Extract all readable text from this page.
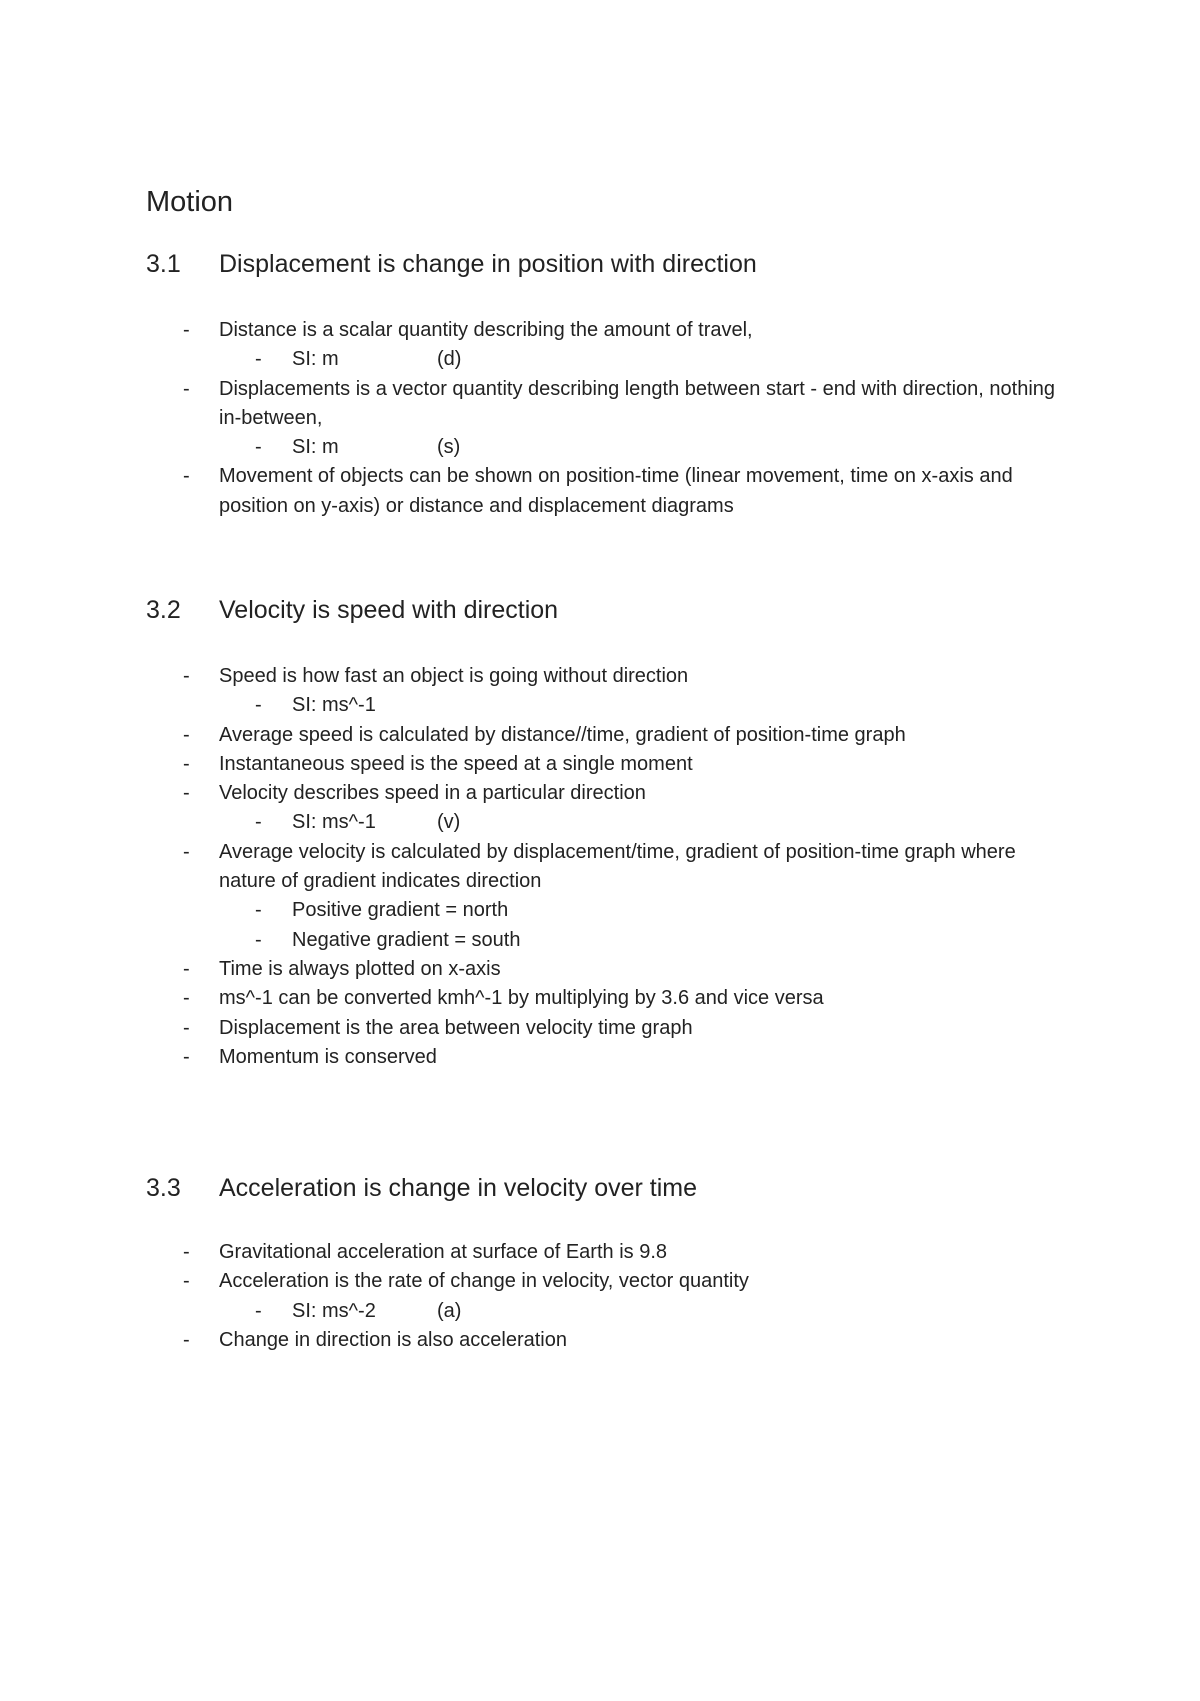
Motion
3.1	Displacement is change in position with direction
- Distance is a scalar quantity describing the amount of travel,
- SI: m	(d)
- Displacements is a vector quantity describing length between start - end with direction, nothing in-between,
- SI: m	(s)
- Movement of objects can be shown on position-time (linear movement, time on x-axis and position on y-axis) or distance and displacement diagrams
3.2	Velocity is speed with direction
- Speed is how fast an object is going without direction
- SI: ms^-1
- Average speed is calculated by distance//time, gradient of position-time graph
- Instantaneous speed is the speed at a single moment
- Velocity describes speed in a particular direction
- SI: ms^-1	(v)
- Average velocity is calculated by displacement/time, gradient of position-time graph where nature of gradient indicates direction
- Positive gradient = north
- Negative gradient = south
- Time is always plotted on x-axis
- ms^-1 can be converted kmh^-1 by multiplying by 3.6 and vice versa
- Displacement is the area between velocity time graph
- Momentum is conserved
3.3	Acceleration is change in velocity over time
- Gravitational acceleration at surface of Earth is 9.8
- Acceleration is the rate of change in velocity, vector quantity
- SI: ms^-2	(a)
- Change in direction is also acceleration
